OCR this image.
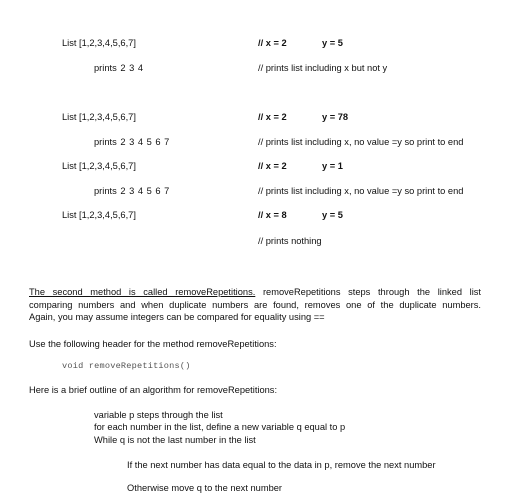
List [1,2,3,4,5,6,7]	// x = 2	y = 5
prints 2 3 4	// prints list including x but not y
List [1,2,3,4,5,6,7]	// x = 2	y = 78
prints 2 3 4 5 6 7	// prints list including x, no value =y so print to end
List [1,2,3,4,5,6,7]	// x = 2	y = 1
prints 2 3 4 5 6 7	// prints list including x, no value =y so print to end
List [1,2,3,4,5,6,7]	// x = 8	y = 5
// prints nothing
The second method is called removeRepetitions. removeRepetitions steps through the linked list
comparing numbers and when duplicate numbers are found, removes one of the duplicate numbers.
Again, you may assume integers can be compared for equality using ==
Use the following header for the method removeRepetitions:
void removeRepetitions()
Here is a brief outline of an algorithm for removeRepetitions:
variable p steps through the list
for each number in the list, define a new variable q equal to p
While q is not the last number in the list
If the next number has data equal to the data in p, remove the next number
Otherwise move q to the next number
